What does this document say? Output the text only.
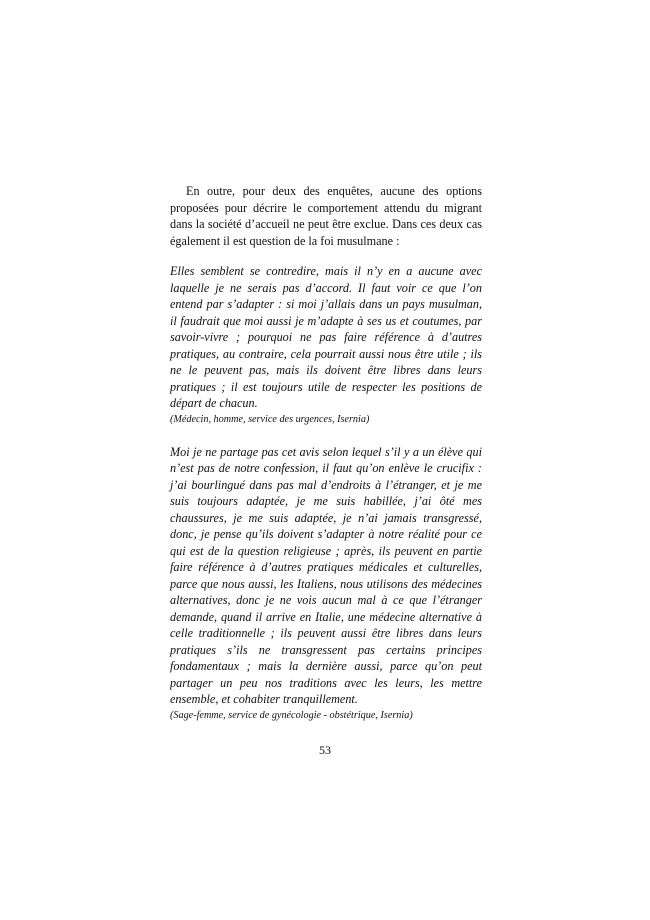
En outre, pour deux des enquêtes, aucune des options proposées pour décrire le comportement attendu du migrant dans la société d’accueil ne peut être exclue. Dans ces deux cas également il est question de la foi musulmane :

Elles semblent se contredire, mais il n’y en a aucune avec laquelle je ne serais pas d’accord. Il faut voir ce que l’on entend par s’adapter : si moi j’allais dans un pays musulman, il faudrait que moi aussi je m’adapte à ses us et coutumes, par savoir-vivre ; pourquoi ne pas faire référence à d’autres pratiques, au contraire, cela pourrait aussi nous être utile ; ils ne le peuvent pas, mais ils doivent être libres dans leurs pratiques ; il est toujours utile de respecter les positions de départ de chacun.

(Médecin, homme, service des urgences, Isernia)

Moi je ne partage pas cet avis selon lequel s’il y a un élève qui n’est pas de notre confession, il faut qu’on enlève le crucifix : j’ai bourlingué dans pas mal d’endroits à l’étranger, et je me suis toujours adaptée, je me suis habillée, j’ai ôté mes chaussures, je me suis adaptée, je n’ai jamais transgressé, donc, je pense qu’ils doivent s’adapter à notre réalité pour ce qui est de la question religieuse ; après, ils peuvent en partie faire référence à d’autres pratiques médicales et culturelles, parce que nous aussi, les Italiens, nous utilisons des médecines alternatives, donc je ne vois aucun mal à ce que l’étranger demande, quand il arrive en Italie, une médecine alternative à celle traditionnelle ; ils peuvent aussi être libres dans leurs pratiques s’ils ne transgressent pas certains principes fondamentaux ; mais la dernière aussi, parce qu’on peut partager un peu nos traditions avec les leurs, les mettre ensemble, et cohabiter tranquillement.

(Sage-femme, service de gynécologie - obstétrique, Isernia)

53
